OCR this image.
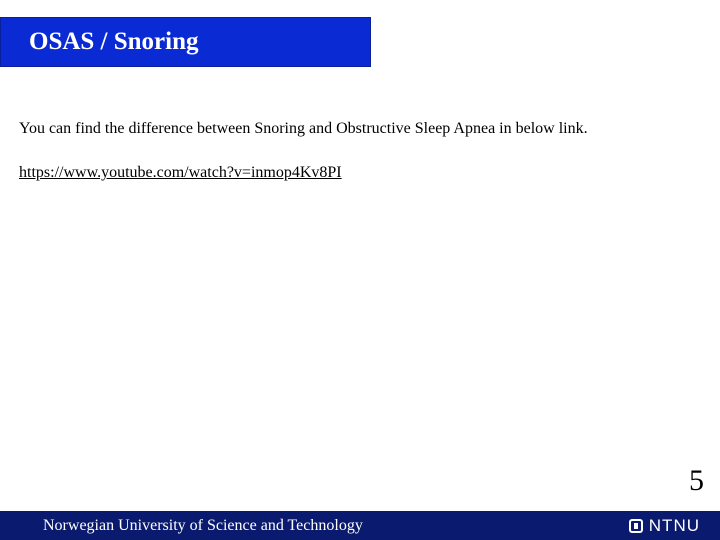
OSAS / Snoring
You can find the difference between Snoring and Obstructive Sleep Apnea in below link.
https://www.youtube.com/watch?v=inmop4Kv8PI
5
Norwegian University of Science and Technology	NTNU
